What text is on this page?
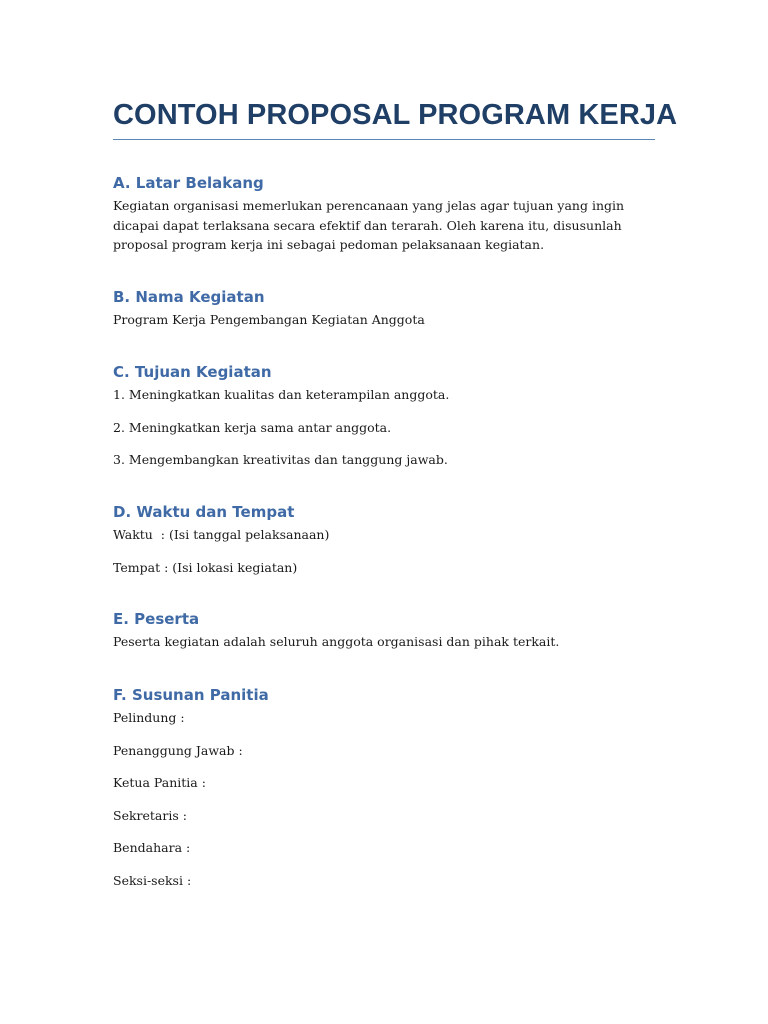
CONTOH PROPOSAL PROGRAM KERJA
A. Latar Belakang

Kegiatan organisasi memerlukan perencanaan yang jelas agar tujuan yang ingin dicapai dapat terlaksana secara efektif dan terarah. Oleh karena itu, disusunlah proposal program kerja ini sebagai pedoman pelaksanaan kegiatan.

B. Nama Kegiatan

Program Kerja Pengembangan Kegiatan Anggota

C. Tujuan Kegiatan

1. Meningkatkan kualitas dan keterampilan anggota.

2. Meningkatkan kerja sama antar anggota.

3. Mengembangkan kreativitas dan tanggung jawab.

D. Waktu dan Tempat

Waktu  : (Isi tanggal pelaksanaan)

Tempat : (Isi lokasi kegiatan)

E. Peserta

Peserta kegiatan adalah seluruh anggota organisasi dan pihak terkait.

F. Susunan Panitia

Pelindung :

Penanggung Jawab :

Ketua Panitia :

Sekretaris :

Bendahara :

Seksi-seksi :
